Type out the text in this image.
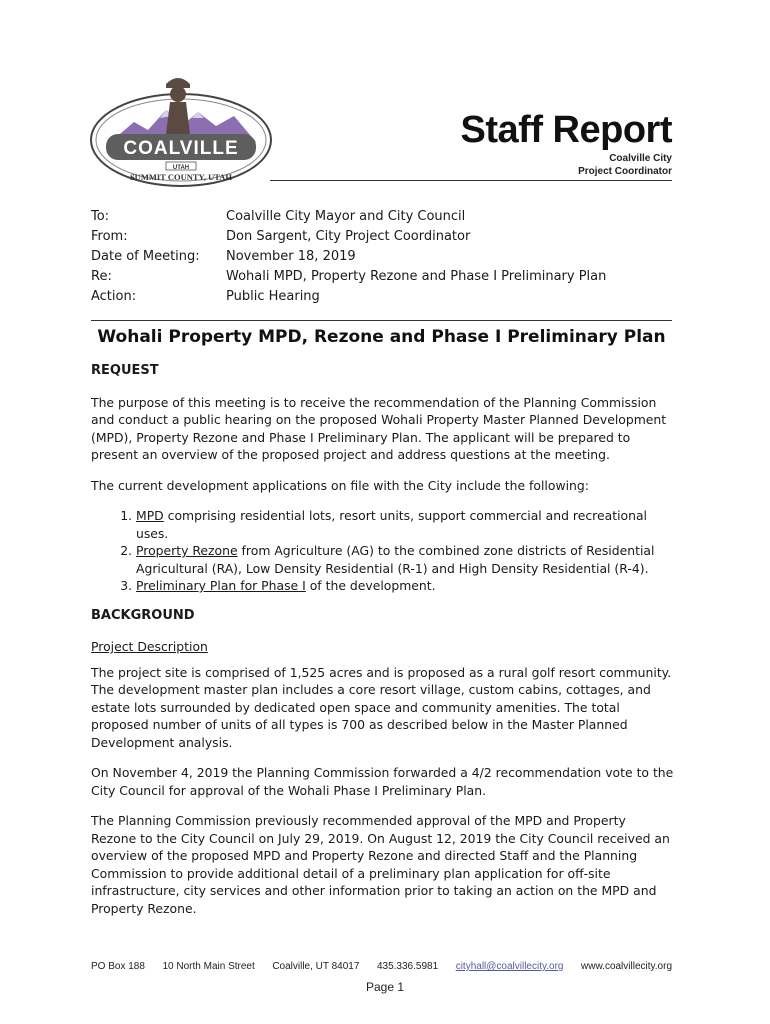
COALVILLE
UTAH
SUMMIT COUNTY, UTAH
Staff Report
Coalville City
Project Coordinator
To:	Coalville City Mayor and City Council
From:	Don Sargent, City Project Coordinator
Date of Meeting:	November 18, 2019
Re:	Wohali MPD, Property Rezone and Phase I Preliminary Plan
Action:	Public Hearing
Wohali Property MPD, Rezone and Phase I Preliminary Plan
REQUEST

The purpose of this meeting is to receive the recommendation of the Planning Commission and conduct a public hearing on the proposed Wohali Property Master Planned Development (MPD), Property Rezone and Phase I Preliminary Plan. The applicant will be prepared to present an overview of the proposed project and address questions at the meeting.

The current development applications on file with the City include the following:

1. MPD comprising residential lots, resort units, support commercial and recreational uses.
2. Property Rezone from Agriculture (AG) to the combined zone districts of Residential Agricultural (RA), Low Density Residential (R-1) and High Density Residential (R-4).
3. Preliminary Plan for Phase I of the development.
BACKGROUND
Project Description

The project site is comprised of 1,525 acres and is proposed as a rural golf resort community. The development master plan includes a core resort village, custom cabins, cottages, and estate lots surrounded by dedicated open space and community amenities. The total proposed number of units of all types is 700 as described below in the Master Planned Development analysis.

On November 4, 2019 the Planning Commission forwarded a 4/2 recommendation vote to the City Council for approval of the Wohali Phase I Preliminary Plan.

The Planning Commission previously recommended approval of the MPD and Property Rezone to the City Council on July 29, 2019. On August 12, 2019 the City Council received an overview of the proposed MPD and Property Rezone and directed Staff and the Planning Commission to provide additional detail of a preliminary plan application for off-site infrastructure, city services and other information prior to taking an action on the MPD and Property Rezone.

PO Box 188 10 North Main Street Coalville, UT 84017 435.336.5981 cityhall@coalvillecity.org www.coalvillecity.org
Page 1
